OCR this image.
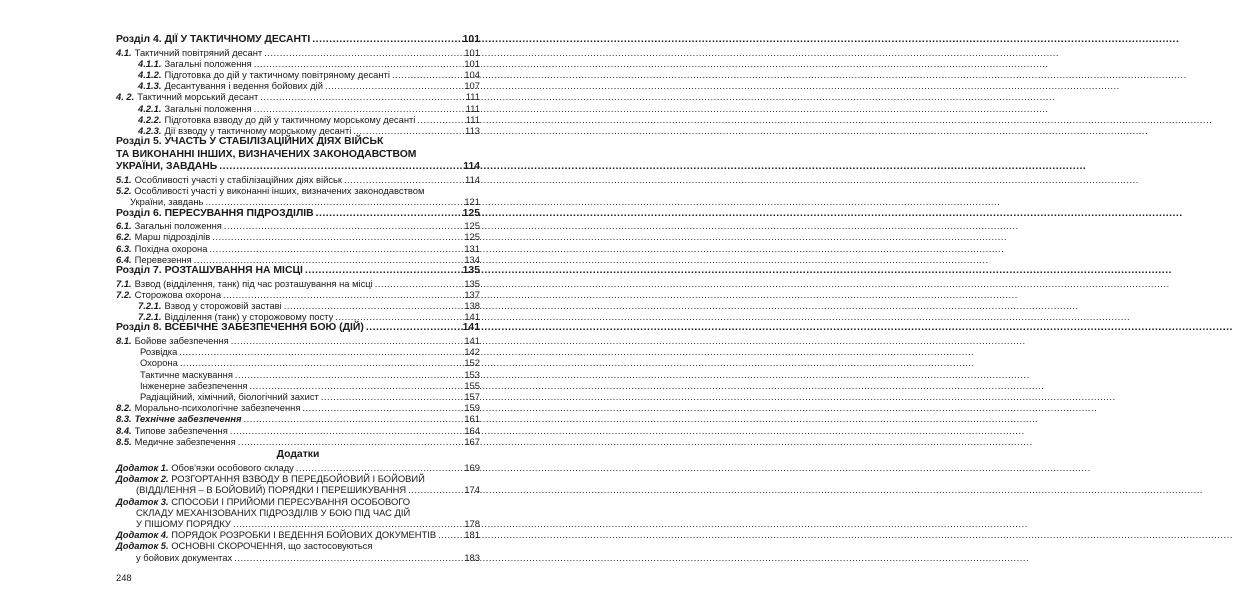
Розділ 4. ДІЇ У ТАКТИЧНОМУ ДЕСАНТІ .....	101
4.1. Тактичний повітряний десант .....	101
4.1.1. Загальні положення .....	101
4.1.2. Підготовка до дій у тактичному повітряному десанті .....	104
4.1.3. Десантування і ведення бойових дій .....	107
4. 2. Тактичний морський десант .....	111
4.2.1. Загальні положення .....	111
4.2.2. Підготовка взводу до дій у тактичному морському десанті .....	111
4.2.3. Дії взводу у тактичному морському десанті .....	113
Розділ 5. УЧАСТЬ У СТАБІЛІЗАЦІЙНИХ ДІЯХ ВІЙСЬК
ТА ВИКОНАННІ ІНШИХ, ВИЗНАЧЕНИХ ЗАКОНОДАВСТВОМ
УКРАЇНИ, ЗАВДАНЬ .....	114
5.1. Особливості участі у стабілізаційних діях військ .....	114
5.2. Особливості участі у виконанні інших, визначених законодавством
України, завдань .....	121
Розділ 6. ПЕРЕСУВАННЯ ПІДРОЗДІЛІВ .....	125
6.1. Загальні положення .....	125
6.2. Марш підрозділів .....	125
6.3. Похідна охорона .....	131
6.4. Перевезення .....	134
Розділ 7. РОЗТАШУВАННЯ НА МІСЦІ .....	135
7.1. Взвод (відділення, танк) під час розташування на місці .....	135
7.2. Сторожова охорона .....	137
7.2.1. Взвод у сторожовій заставі .....	138
7.2.1. Відділення (танк) у сторожовому посту .....	141
Розділ 8. ВСЕБІЧНЕ ЗАБЕЗПЕЧЕННЯ БОЮ (ДІЙ) .....	141
8.1. Бойове забезпечення .....	141
Розвідка .....	142
Охорона .....	152
Тактичне маскування .....	153
Інженерне забезпечення .....	155
Радіаційний, хімічний, біологічний захист .....	157
8.2. Морально-психологічне забезпечення .....	159
8.3. Технічне забезпечення .....	161
8.4. Типове забезпечення .....	164
8.5. Медичне забезпечення .....	167
Додатки
Додаток 1. Обов'язки особового складу .....	169
Додаток 2. РОЗГОРТАННЯ ВЗВОДУ В ПЕРЕДБОЙОВИЙ І БОЙОВИЙ
(ВІДДІЛЕННЯ – В БОЙОВИЙ) ПОРЯДКИ І ПЕРЕШИКУВАННЯ .....	174
Додаток 3. СПОСОБИ І ПРИЙОМИ ПЕРЕСУВАННЯ ОСОБОВОГО
СКЛАДУ МЕХАНІЗОВАНИХ ПІДРОЗДІЛІВ У БОЮ ПІД ЧАС ДІЙ
У ПІШОМУ ПОРЯДКУ .....	178
Додаток 4. ПОРЯДОК РОЗРОБКИ І ВЕДЕННЯ БОЙОВИХ ДОКУМЕНТІВ .....	181
Додаток 5. ОСНОВНІ СКОРОЧЕННЯ, що застосовуються
у бойових документах .....	183
248
